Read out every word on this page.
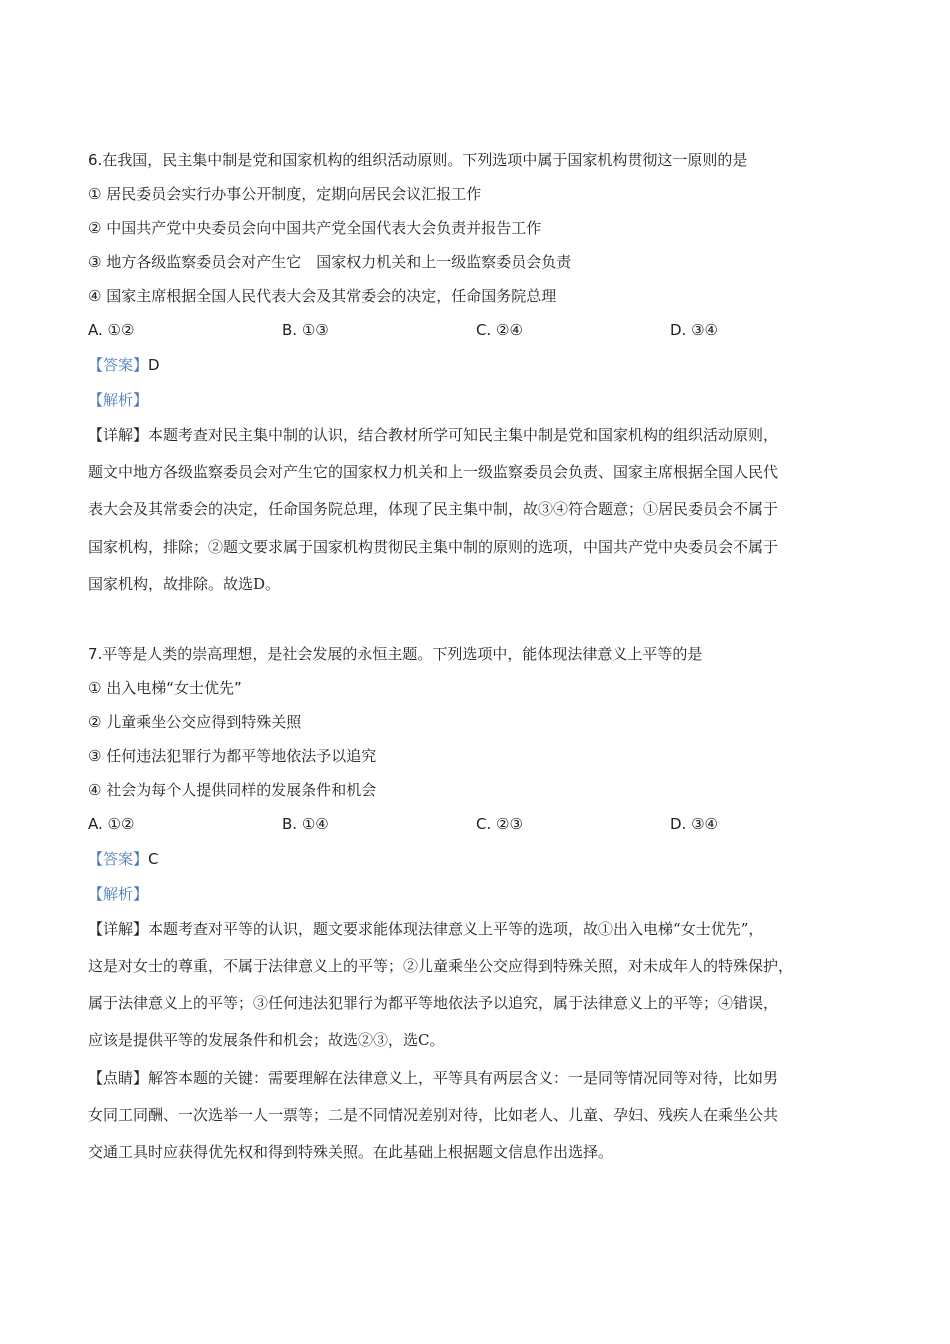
6.在我国，民主集中制是党和国家机构的组织活动原则。下列选项中属于国家机构贯彻这一原则的是
① 居民委员会实行办事公开制度，定期向居民会议汇报工作
② 中国共产党中央委员会向中国共产党全国代表大会负责并报告工作
③ 地方各级监察委员会对产生它　国家权力机关和上一级监察委员会负责
④ 国家主席根据全国人民代表大会及其常委会的决定，任命国务院总理
A. ①②	B. ①③	C. ②④	D. ③④
【答案】D
【解析】
【详解】本题考查对民主集中制的认识，结合教材所学可知民主集中制是党和国家机构的组织活动原则，
题文中地方各级监察委员会对产生它的国家权力机关和上一级监察委员会负责、国家主席根据全国人民代
表大会及其常委会的决定，任命国务院总理，体现了民主集中制，故③④符合题意；①居民委员会不属于
国家机构，排除；②题文要求属于国家机构贯彻民主集中制的原则的选项，中国共产党中央委员会不属于
国家机构，故排除。故选D。
7.平等是人类的崇高理想，是社会发展的永恒主题。下列选项中，能体现法律意义上平等的是
① 出入电梯“女士优先”
② 儿童乘坐公交应得到特殊关照
③ 任何违法犯罪行为都平等地依法予以追究
④ 社会为每个人提供同样的发展条件和机会
A. ①②	B. ①④	C. ②③	D. ③④
【答案】C
【解析】
【详解】本题考查对平等的认识，题文要求能体现法律意义上平等的选项，故①出入电梯“女士优先”，
这是对女士的尊重，不属于法律意义上的平等；②儿童乘坐公交应得到特殊关照，对未成年人的特殊保护，
属于法律意义上的平等；③任何违法犯罪行为都平等地依法予以追究，属于法律意义上的平等；④错误，
应该是提供平等的发展条件和机会；故选②③，选C。
【点睛】解答本题的关键：需要理解在法律意义上，平等具有两层含义：一是同等情况同等对待，比如男
女同工同酬、一次选举一人一票等；二是不同情况差别对待，比如老人、儿童、孕妇、残疾人在乘坐公共
交通工具时应获得优先权和得到特殊关照。在此基础上根据题文信息作出选择。
